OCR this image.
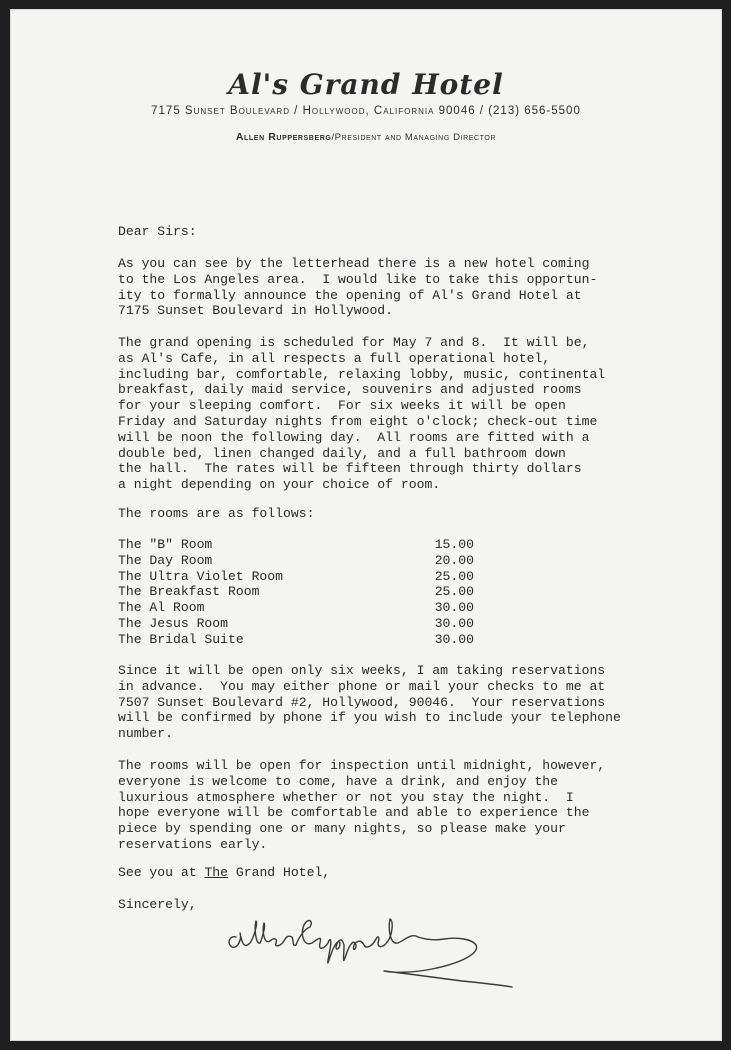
Al's Grand Hotel
7175 Sunset Boulevard / Hollywood, California 90046 / (213) 656-5500
Allen Ruppersberg/President and Managing Director
Dear Sirs:
As you can see by the letterhead there is a new hotel coming
to the Los Angeles area.  I would like to take this opportun-
ity to formally announce the opening of Al's Grand Hotel at
7175 Sunset Boulevard in Hollywood.
The grand opening is scheduled for May 7 and 8.  It will be,
as Al's Cafe, in all respects a full operational hotel,
including bar, comfortable, relaxing lobby, music, continental
breakfast, daily maid service, souvenirs and adjusted rooms
for your sleeping comfort.  For six weeks it will be open
Friday and Saturday nights from eight o'clock; check-out time
will be noon the following day.  All rooms are fitted with a
double bed, linen changed daily, and a full bathroom down
the hall.  The rates will be fifteen through thirty dollars
a night depending on your choice of room.
The rooms are as follows:
The "B" Room	15.00
The Day Room	20.00
The Ultra Violet Room	25.00
The Breakfast Room	25.00
The Al Room	30.00
The Jesus Room	30.00
The Bridal Suite	30.00
Since it will be open only six weeks, I am taking reservations
in advance.  You may either phone or mail your checks to me at
7507 Sunset Boulevard #2, Hollywood, 90046.  Your reservations
will be confirmed by phone if you wish to include your telephone
number.
The rooms will be open for inspection until midnight, however,
everyone is welcome to come, have a drink, and enjoy the
luxurious atmosphere whether or not you stay the night.  I
hope everyone will be comfortable and able to experience the
piece by spending one or many nights, so please make your
reservations early.
See you at The Grand Hotel,
Sincerely,
